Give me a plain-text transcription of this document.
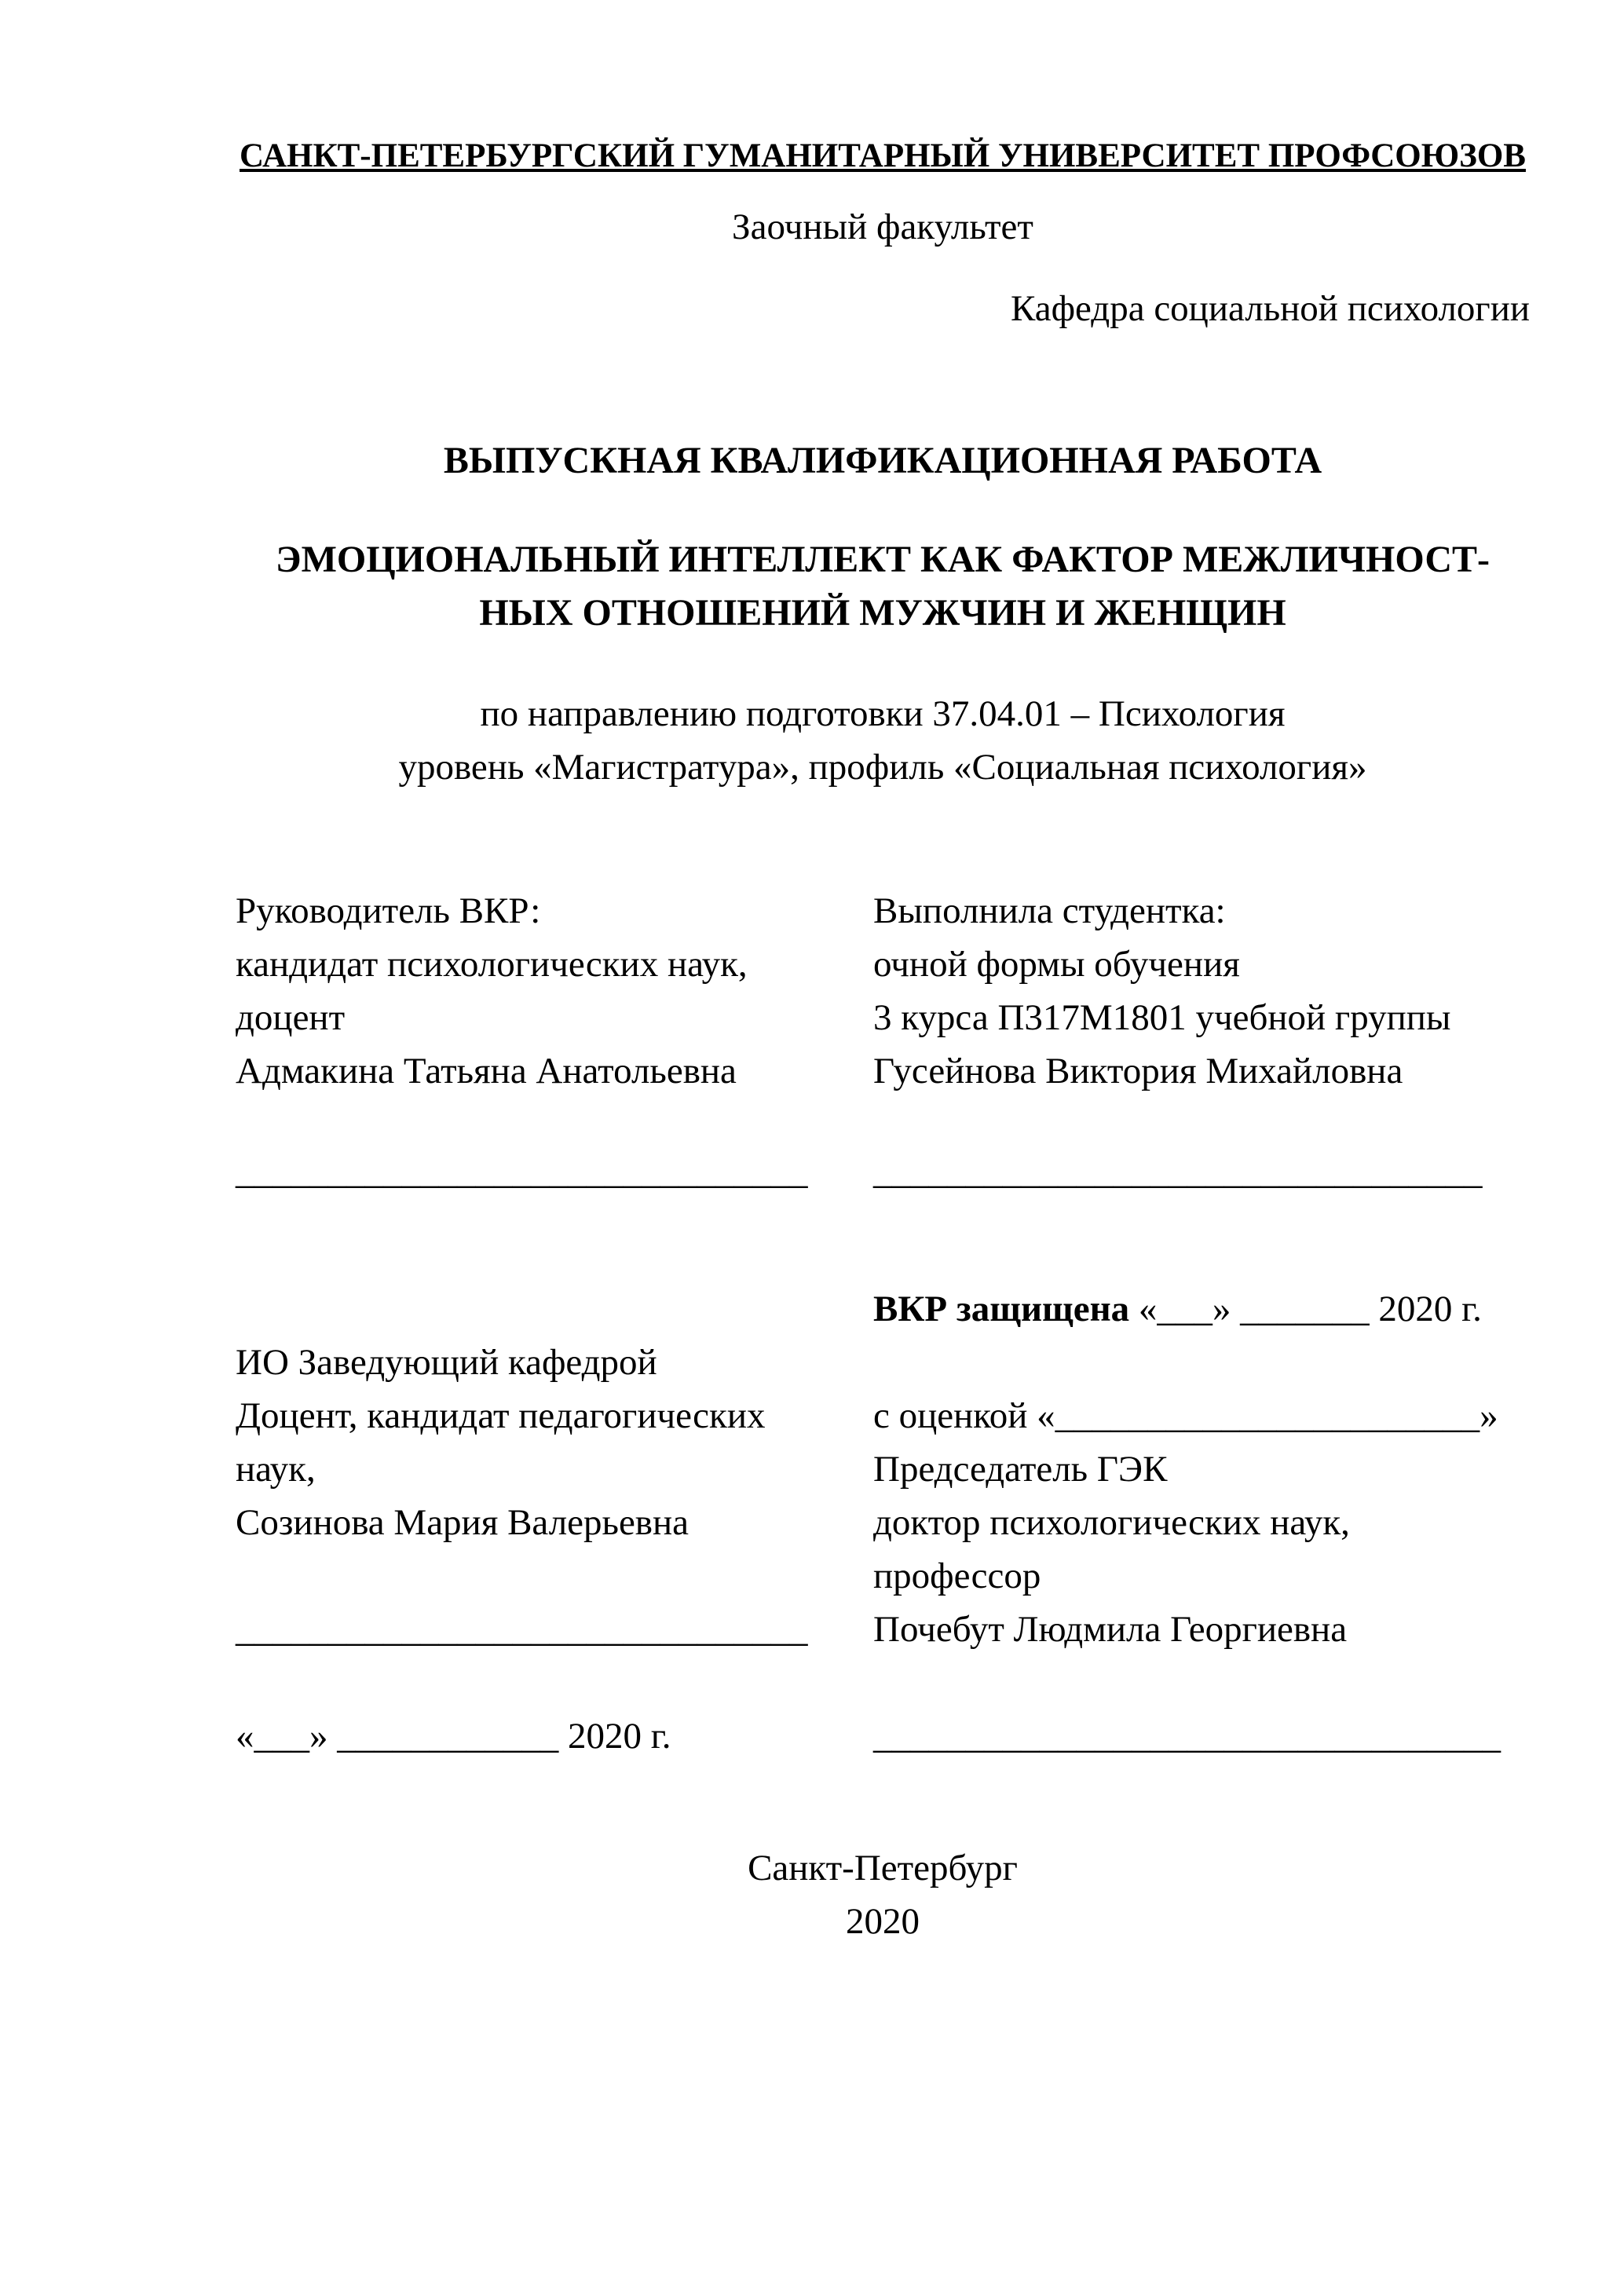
САНКТ-ПЕТЕРБУРГСКИЙ ГУМАНИТАРНЫЙ УНИВЕРСИТЕТ ПРОФСОЮЗОВ
Заочный факультет
Кафедра социальной психологии
ВЫПУСКНАЯ КВАЛИФИКАЦИОННАЯ РАБОТА
ЭМОЦИОНАЛЬНЫЙ ИНТЕЛЛЕКТ КАК ФАКТОР МЕЖЛИЧНОСТ-
НЫХ ОТНОШЕНИЙ МУЖЧИН И ЖЕНЩИН
по направлению подготовки 37.04.01 – Психология
уровень «Магистратура», профиль «Социальная психология»
Руководитель ВКР:
кандидат психологических наук,
доцент
Адмакина Татьяна Анатольевна
Выполнила студентка:
очной формы обучения
3 курса П317М1801 учебной группы
Гусейнова Виктория Михайловна
_______________________________	_________________________________
ИО Заведующий кафедрой
Доцент, кандидат педагогических
наук,
Созинова Мария Валерьевна
_______________________________
«___» ____________ 2020 г.
ВКР защищена «___» _______ 2020 г.
с оценкой «_______________________»
Председатель ГЭК
доктор психологических наук,
профессор
Почебут Людмила Георгиевна
__________________________________
Санкт-Петербург
2020
